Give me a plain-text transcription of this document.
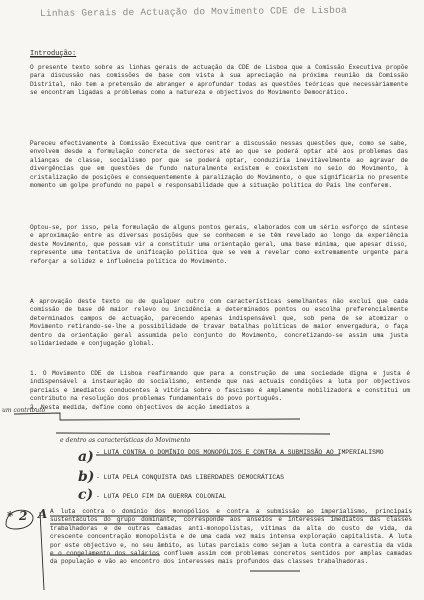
Linhas Gerais de Actuação do Movimento CDE de Lisboa
Introdução:

O presente texto sobre as linhas gerais de actuação da CDE de Lisboa que a Comissão Executiva propõe para discussão nas comissões de base com vista à sua apreciação na próxima reunião da Comissão Distrital, não tem a pretensão de abranger e aprofundar todas as questões teóricas que necessàriamente se encontram ligadas a problemas como a natureza e objectivos do Movimento Democrático.

Pareceu efectivamente à Comissão Executiva que centrar a discussão nessas questões que, como se sabe, envolvem desde a formulação concreta de sectores até ao que se poderá optar até aos problemas das alianças de classe, socialismo por que se poderá optar, conduziria inevitàvelmente ao agravar de divergências que em questões de fundo naturalmente existem e coexistem no seio do Movimento, à cristalização de posições e consequentemente à paralização do Movimento, o que significaria no presente momento um golpe profundo no papel e responsabilidade que a situação política do País lhe conferem.

Optou-se, por isso, pela formulação de alguns pontos gerais, elaborados com um sério esforço de síntese e aproximação entre as diversas posições que se conhecem e se têm revelado ao longo da experiência deste Movimento, que possam vir a constituir uma orientação geral, uma base mínima, que apesar disso, represente uma tentativa de unificação política que se vem a revelar como extremamente urgente para reforçar a solidez e influência política do Movimento.

A aprovação deste texto ou de qualquer outro com características semelhantes não exclui que cada comissão de base dê maior relevo ou incidência a determinados pontos ou escolha preferencialmente determinados campos de actuação, parecendo apenas indispensável que, sob pena de se atomizar o Movimento retirando-se-lhe a possibilidade de travar batalhas políticas de maior envergadura, o faça dentro da orientação geral assumida pelo conjunto do Movimento, concretizando-se assim uma justa solidariedade e conjugação global.

1. O Movimento CDE de Lisboa reafirmando que para a construção de uma sociedade digna e justa é indispensável a instauração do socialismo, entende que nas actuais condições a luta por objectivos parciais e imediatos conducentes à vitória sobre o fascismo é amplamente mobilizadora e constitui um contributo na resolução dos problemas fundamentais do povo português.
2. Nesta medida, define como objectivos de acção imediatos a

um contributo
e dentro as características do Movimento
a) - LUTA CONTRA O DOMÍNIO DOS MONOPÓLIOS E CONTRA A SUBMISSÃO AO IMPERIALISMO
b) - LUTA PELA CONQUISTA DAS LIBERDADES DEMOCRÁTICAS
c) - LUTA PELO FIM DA GUERRA COLONIAL
* 2 A A luta contra o domínio dos monopólios e contra a submissão ao imperialismo, principais sustentáculos do grupo dominante, corresponde aos anseios e interesses imediatos das classes trabalhadoras e de outras camadas anti-monopolistas, vítimas da alta do custo de vida, da crescente concentração monopolista e de uma cada vez mais intensa exploração capitalista. A luta por este objectivo e, no seu âmbito, as lutas parciais como sejam a luta contra a carestia da vida e o congelamento dos salários confluem assim com problemas concretos sentidos por amplas camadas da população e vão ao encontro dos interesses mais profundos das classes trabalhadoras.
